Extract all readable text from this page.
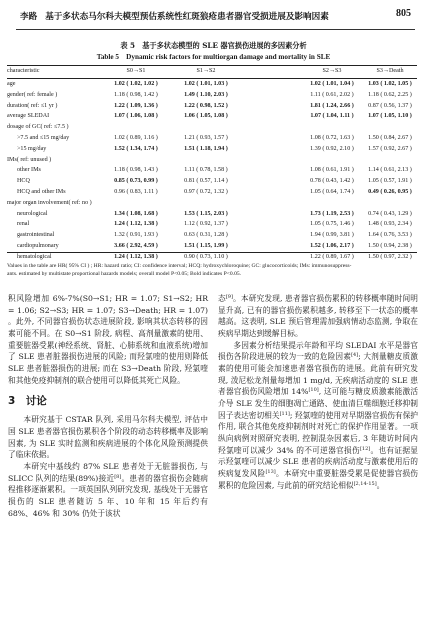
李路 基于多状态马尔科夫模型预估系统性红斑狼疮患者器官受损进展及影响因素	805
表 5　基于多状态模型的 SLE 器官损伤进展的多因素分析
Table 5　Dynamic risk factors for multiorgan damage and mortality in SLE
characteristic	S0→S1	S1→S2	S2→S3	S3→Death
age	1.02 ( 1.02, 1.02 )	1.02 ( 1.01, 1.03 )	1.02 ( 1.01, 1.04 )	1.03 ( 1.02, 1.05 )
gender( ref: female )	1.18 ( 0.98, 1.42 )	1.49 ( 1.10, 2.03 )	1.11 ( 0.61, 2.02 )	1.18 ( 0.62, 2.25 )
duration( ref: ≤1 yr )	1.22 ( 1.09, 1.36 )	1.22 ( 0.98, 1.52 )	1.81 ( 1.24, 2.66 )	0.87 ( 0.56, 1.37 )
average SLEDAI	1.07 ( 1.06, 1.08 )	1.06 ( 1.05, 1.08 )	1.07 ( 1.04, 1.11 )	1.07 ( 1.05, 1.10 )
dosage of GC( ref: ≤7.5 )
>7.5 and ≤15 mg/day	1.02 ( 0.89, 1.16 )	1.21 ( 0.93, 1.57 )	1.08 ( 0.72, 1.63 )	1.50 ( 0.84, 2.67 )
>15 mg/day	1.52 ( 1.34, 1.74 )	1.51 ( 1.18, 1.94 )	1.39 ( 0.92, 2.10 )	1.57 ( 0.92, 2.67 )
IMs( ref: unused )
other IMs	1.18 ( 0.98, 1.43 )	1.11 ( 0.78, 1.58 )	1.08 ( 0.61, 1.91 )	1.14 ( 0.61, 2.13 )
HCQ	0.85 ( 0.73, 0.99 )	0.81 ( 0.57, 1.14 )	0.78 ( 0.43, 1.42 )	1.05 ( 0.57, 1.91 )
HCQ and other IMs	0.96 ( 0.83, 1.11 )	0.97 ( 0.72, 1.32 )	1.05 ( 0.64, 1.74 )	0.49 ( 0.26, 0.95 )
major organ involvement( ref: no )
neurological	1.34 ( 1.08, 1.68 )	1.53 ( 1.15, 2.03 )	1.73 ( 1.19, 2.53 )	0.74 ( 0.43, 1.29 )
renal	1.24 ( 1.12, 1.38 )	1.12 ( 0.92, 1.37 )	1.05 ( 0.75, 1.46 )	1.48 ( 0.93, 2.34 )
gastrointestinal	1.32 ( 0.91, 1.93 )	0.63 ( 0.31, 1.28 )	1.94 ( 0.99, 3.81 )	1.64 ( 0.76, 3.53 )
cardiopulmonary	3.66 ( 2.92, 4.59 )	1.51 ( 1.15, 1.99 )	1.52 ( 1.06, 2.17 )	1.50 ( 0.94, 2.38 )
hematological	1.24 ( 1.12, 1.38 )	0.90 ( 0.73, 1.10 )	1.22 ( 0.89, 1.67 )	1.50 ( 0.97, 2.32 )
Values in the table are HR( 95% CI ) ; HR: hazard ratio; CI: confidence interval; HCQ: hydroxychloroquine; GC: glucocorticoids; IMs: immunosuppress-
ants. estimated by multistate proportional hazards models; overall model P<0.05; Bold indicates P<0.05.

积风险增加 6%-7%(S0→S1; HR = 1.07; S1→S2; HR = 1.06; S2→S3; HR = 1.07; S3→Death; HR = 1.07) 。此外, 不同器官损伤状态进展阶段, 影响其状态转移的因素可能不同。在 S0→S1 阶段, 病程、高剂量激素的使用、重要脏器受累(神经系统、肾脏、心肺系统和血液系统)增加了 SLE 患者脏器损伤进展的风险; 而羟氯喹的使用则降低 SLE 患者脏器损伤的进展; 而在 S3→Death 阶段, 羟氯喹和其他免疫抑制剂的联合使用可以降低其死亡风险。

3　讨论

本研究基于 CSTAR 队列, 采用马尔科夫模型, 评估中国 SLE 患者器官损伤累积各个阶段的动态转移概率及影响因素, 为 SLE 实时监测和疾病进展的个体化风险预测提供了临床依据。

本研究中基线约 87% SLE 患者处于无脏器损伤, 与 SLICC 队列的结果(89%)接近[8]。患者的器官损伤会随病程推移逐渐累积。一项英国队列研究发现, 基线处于无器官损伤的 SLE 患者随访 5 年、10 年和 15 年后约有 68%、46% 和 30% 仍处于该状

态[9]。本研究发现, 患者器官损伤累积的转移概率随时间明显升高, 已有的器官损伤累积越多, 转移至下一状态的概率越高。这表明, SLE 预后管理需加强病情动态监测, 争取在疾病早期达到缓解目标。

多因素分析结果提示年龄和平均 SLEDAI 水平是器官损伤各阶段进展的较为一致的危险因素[4]; 大剂量糖皮质激素的使用可能会加速患者器官损伤的进展。此前有研究发现, 泼尼松龙剂量每增加 1 mg/d, 无疾病活动度的 SLE 患者器官损伤风险增加 14%[10], 这可能与糖皮质激素能激活介导 SLE 发生的细胞凋亡通路、使血清巨噬细胞迁移抑制因子表达密切相关[11]; 羟氯喹的使用对早期器官损伤有保护作用, 联合其他免疫抑制剂时对死亡的保护作用显著。一项纵向病例对照研究表明, 控制混杂因素后, 3 年随访时间内羟氯喹可以减少 34% 的不可逆器官损伤[12]。也有证据显示羟氯喹可以减少 SLE 患者的疾病活动度与激素使用后的疾病复发风险[13]。本研究中重要脏器受累是促使器官损伤累积的危险因素, 与此前的研究结论相似[2,14-15]。
